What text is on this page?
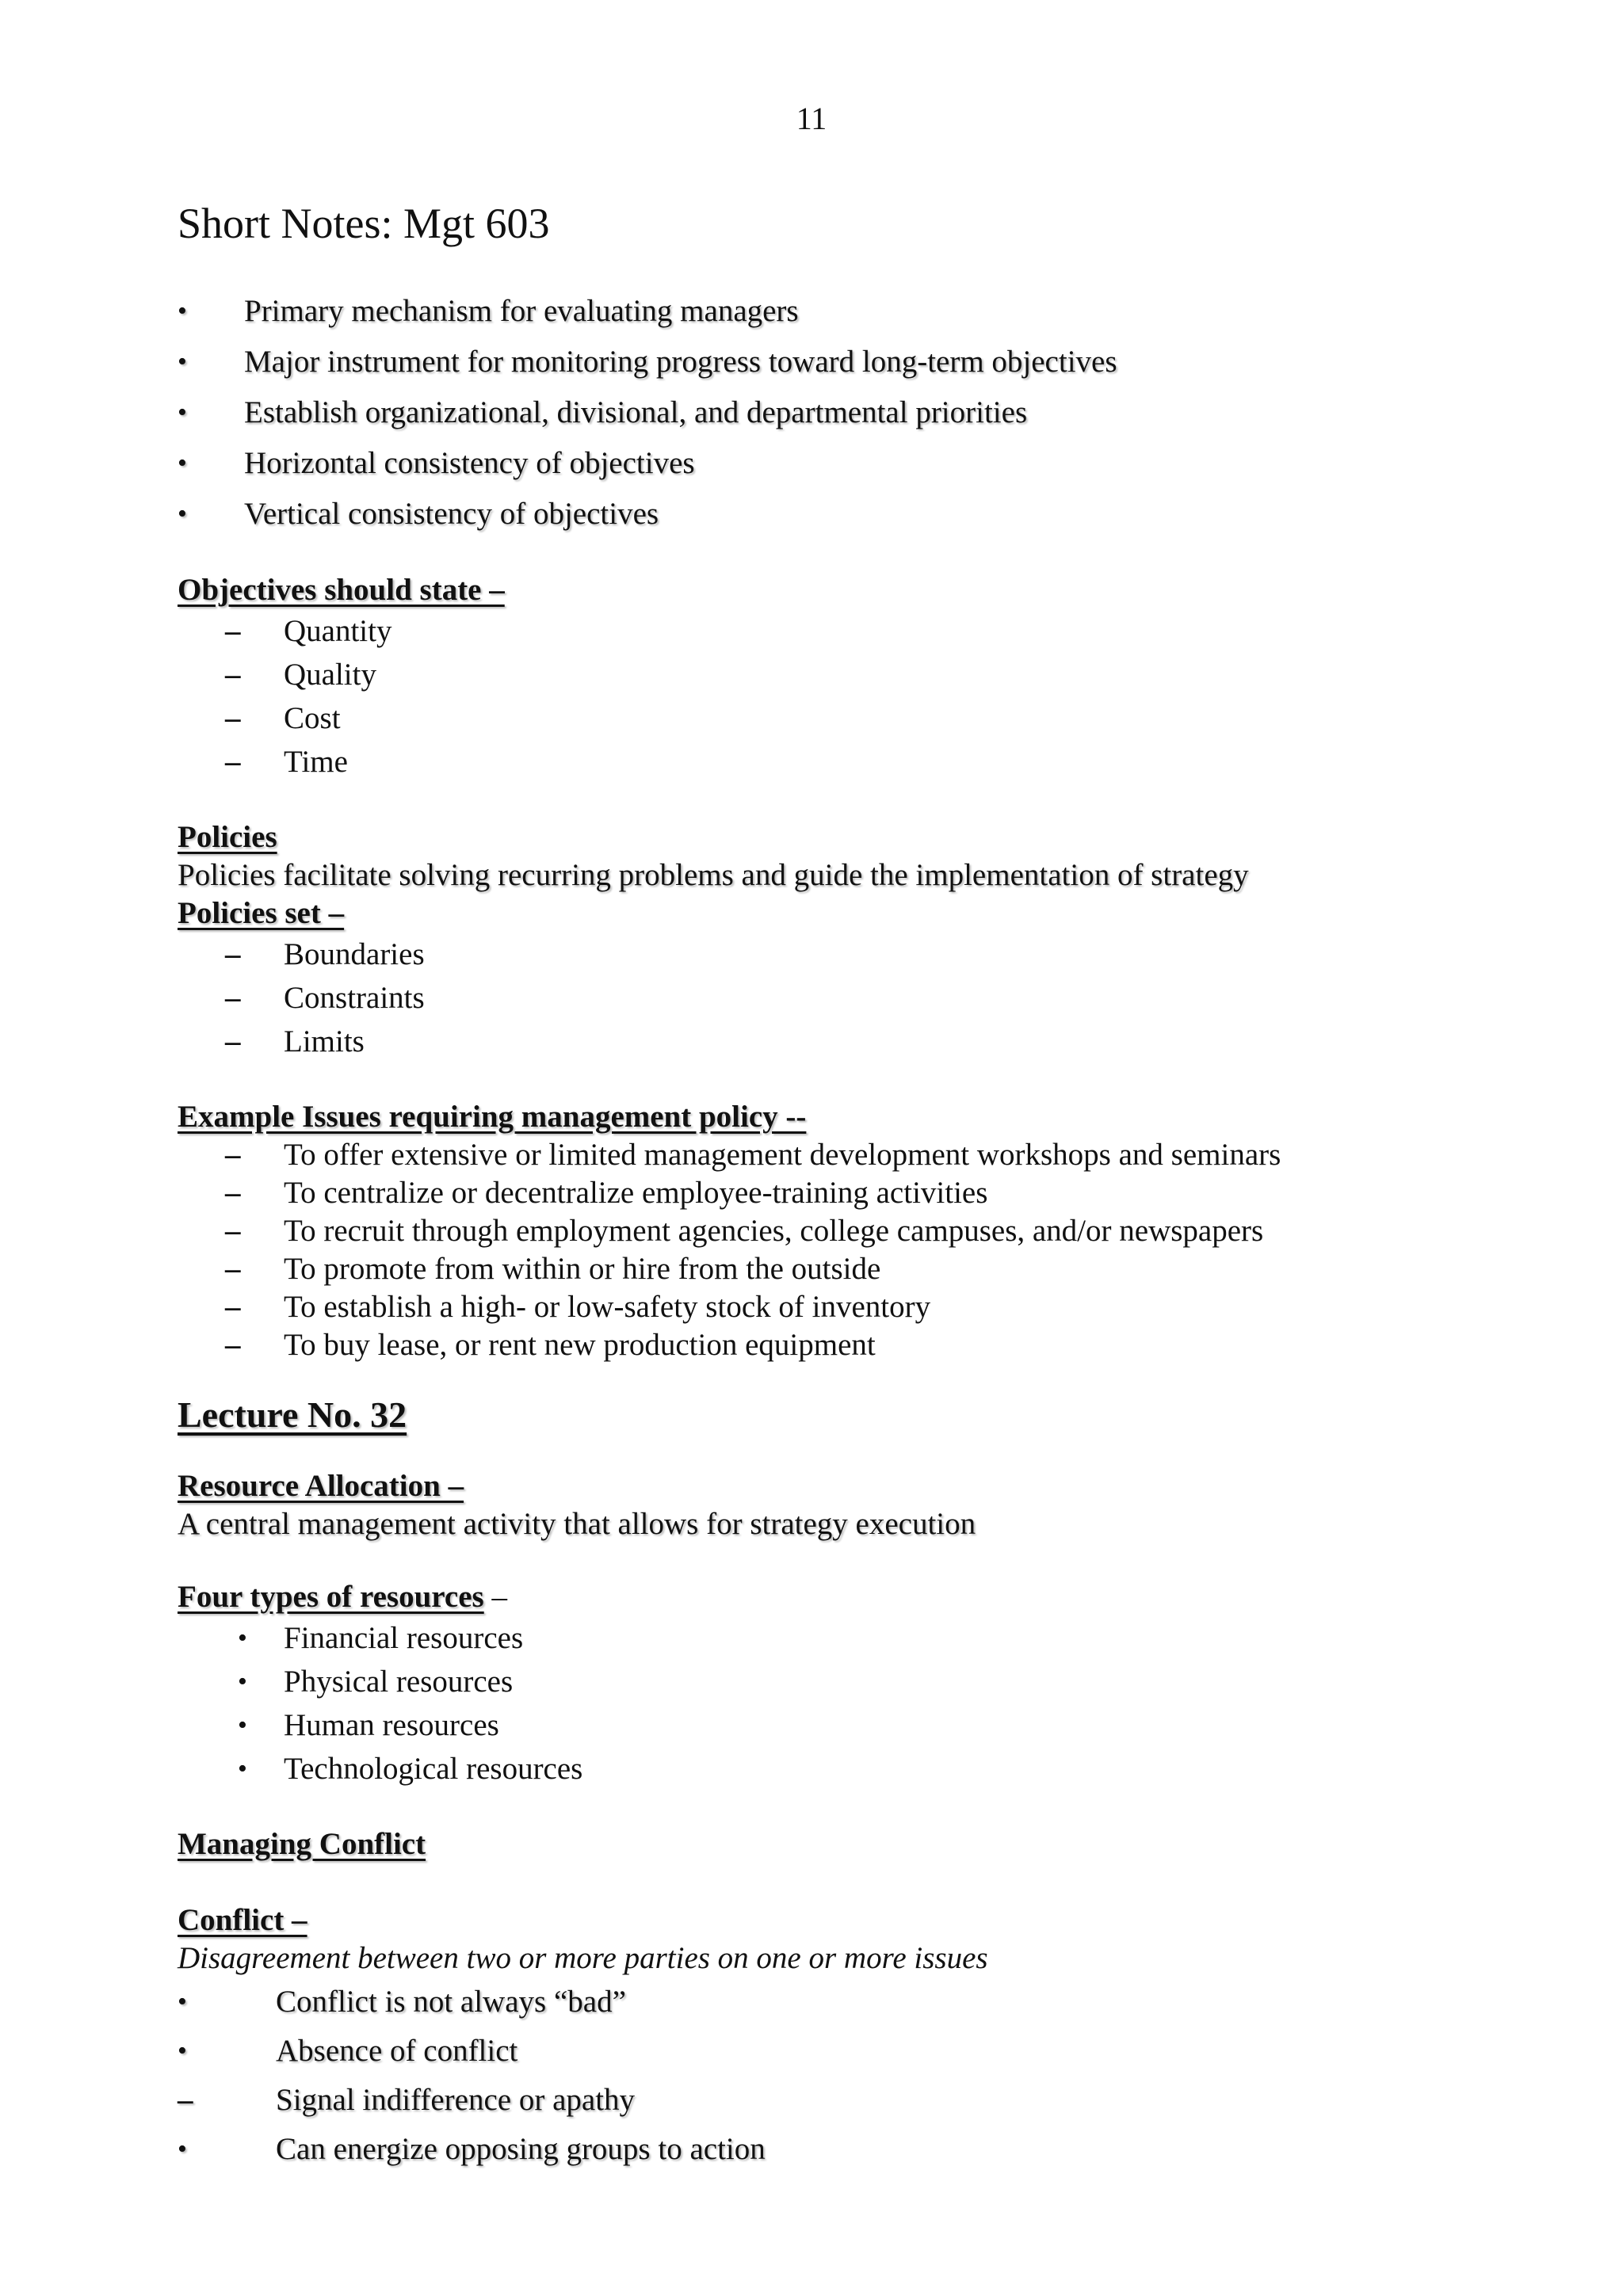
11
Short Notes: Mgt 603
•	Primary mechanism for evaluating managers
•	Major instrument for monitoring progress toward long-term objectives
•	Establish organizational, divisional, and departmental priorities
•	Horizontal consistency of objectives
•	Vertical consistency of objectives
Objectives should state –
–	Quantity
–	Quality
–	Cost
–	Time
Policies
Policies facilitate solving recurring problems and guide the implementation of strategy
Policies set –
–	Boundaries
–	Constraints
–	Limits
Example Issues requiring management policy --
–	To offer extensive or limited management development workshops and seminars
–	To centralize or decentralize employee-training activities
–	To recruit through employment agencies, college campuses, and/or newspapers
–	To promote from within or hire from the outside
–	To establish a high- or low-safety stock of inventory
–	To buy lease, or rent new production equipment
Lecture No. 32
Resource Allocation –
A central management activity that allows for strategy execution
Four types of resources –
• Financial resources
• Physical resources
• Human resources
• Technological resources
Managing Conflict
Conflict –
Disagreement between two or more parties on one or more issues
•	Conflict is not always “bad”
•	Absence of conflict
–	Signal indifference or apathy
•	Can energize opposing groups to action
